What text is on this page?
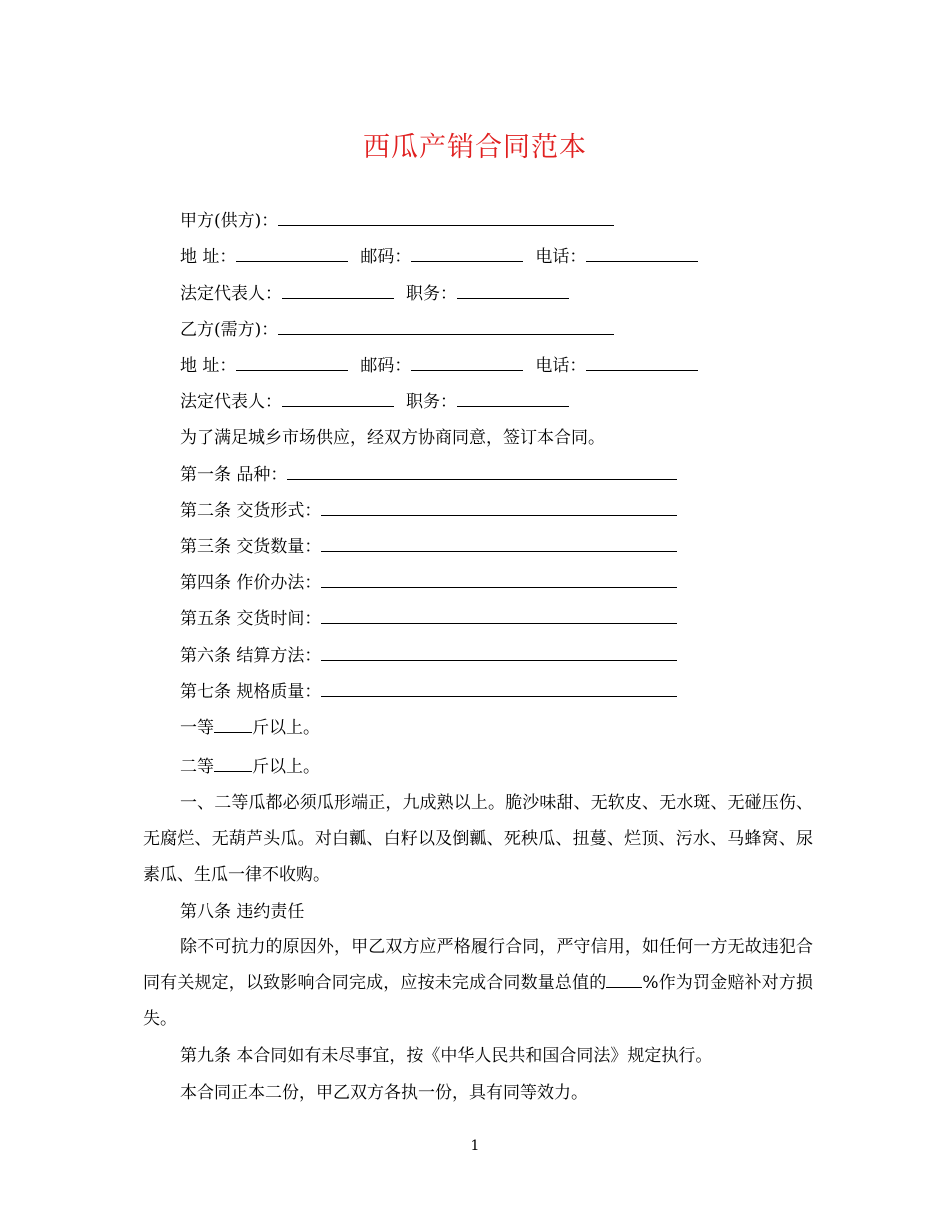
西瓜产销合同范本
甲方(供方)：
地 址：	邮码：	电话：
法定代表人：	职务：
乙方(需方)：
地 址：	邮码：	电话：
法定代表人：	职务：
为了满足城乡市场供应，经双方协商同意，签订本合同。
第一条 品种：
第二条 交货形式：
第三条 交货数量：
第四条 作价办法：
第五条 交货时间：
第六条 结算方法：
第七条 规格质量：
一等 斤以上。
二等 斤以上。
一、二等瓜都必须瓜形端正，九成熟以上。脆沙味甜、无软皮、无水斑、无碰压伤、无腐烂、无葫芦头瓜。对白瓤、白籽以及倒瓤、死秧瓜、扭蔓、烂顶、污水、马蜂窝、尿素瓜、生瓜一律不收购。
第八条 违约责任
除不可抗力的原因外，甲乙双方应严格履行合同，严守信用，如任何一方无故违犯合同有关规定，以致影响合同完成，应按未完成合同数量总值的 %作为罚金赔补对方损失。
第九条 本合同如有未尽事宜，按《中华人民共和国合同法》规定执行。
本合同正本二份，甲乙双方各执一份，具有同等效力。
1
